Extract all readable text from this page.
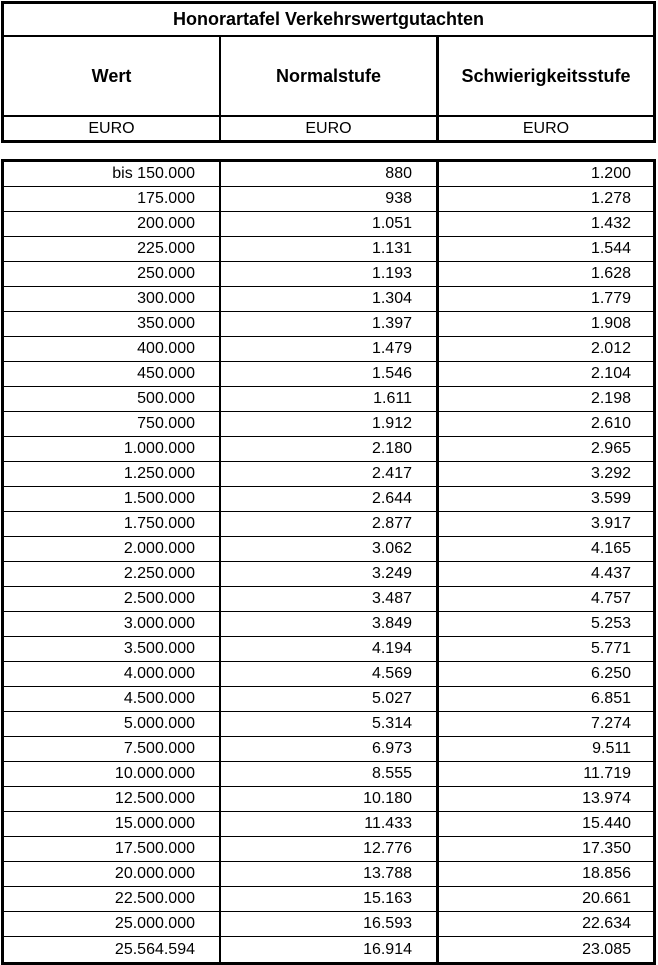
Honorartafel Verkehrswertgutachten
Wert	Normalstufe	Schwierigkeitsstufe
EURO	EURO	EURO
bis 150.000	880	1.200
175.000	938	1.278
200.000	1.051	1.432
225.000	1.131	1.544
250.000	1.193	1.628
300.000	1.304	1.779
350.000	1.397	1.908
400.000	1.479	2.012
450.000	1.546	2.104
500.000	1.611	2.198
750.000	1.912	2.610
1.000.000	2.180	2.965
1.250.000	2.417	3.292
1.500.000	2.644	3.599
1.750.000	2.877	3.917
2.000.000	3.062	4.165
2.250.000	3.249	4.437
2.500.000	3.487	4.757
3.000.000	3.849	5.253
3.500.000	4.194	5.771
4.000.000	4.569	6.250
4.500.000	5.027	6.851
5.000.000	5.314	7.274
7.500.000	6.973	9.511
10.000.000	8.555	11.719
12.500.000	10.180	13.974
15.000.000	11.433	15.440
17.500.000	12.776	17.350
20.000.000	13.788	18.856
22.500.000	15.163	20.661
25.000.000	16.593	22.634
25.564.594	16.914	23.085
